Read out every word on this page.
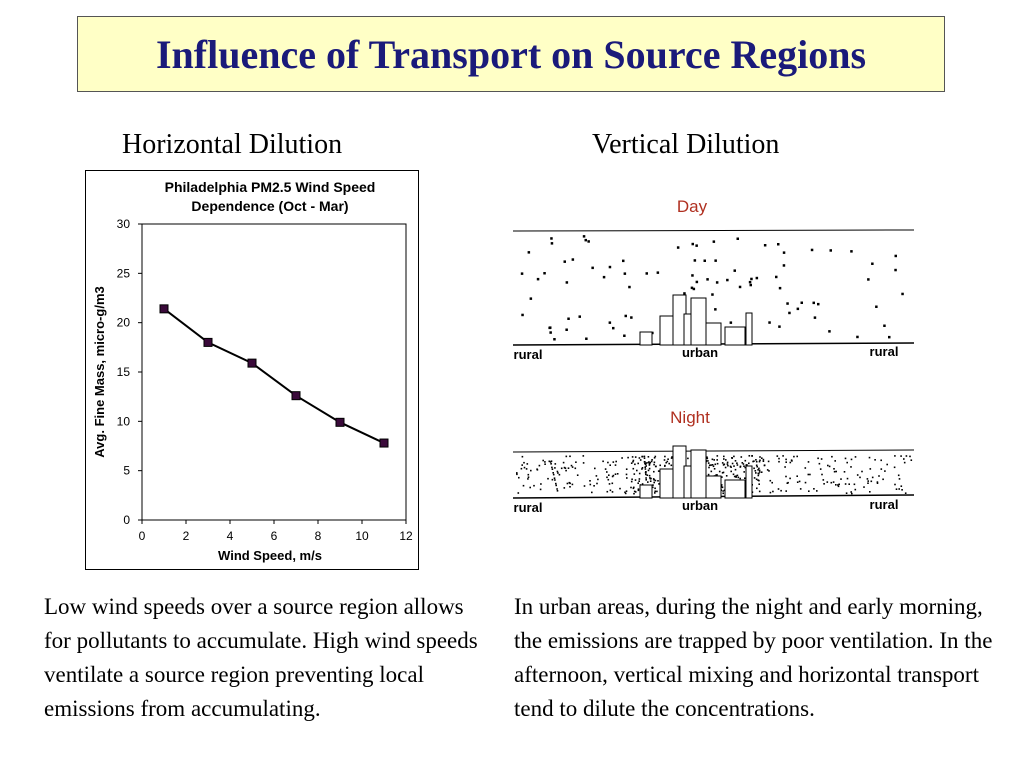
Influence of Transport on Source Regions
Horizontal Dilution	Vertical Dilution
Philadelphia PM2.5 Wind Speed
Dependence (Oct - Mar)
0	2	4	6	8	10	12
0
5
10
15
20
25
30
Wind Speed, m/s
Avg. Fine Mass, micro-g/m3
Day
rural	urban	rural
Night
rural	urban	rural
Low wind speeds over a source region allows for pollutants to accumulate. High wind speeds ventilate a source region preventing local emissions from accumulating.
In urban areas, during the night and early morning, the emissions are trapped by poor ventilation. In the afternoon, vertical mixing and horizontal transport tend to dilute the concentrations.
